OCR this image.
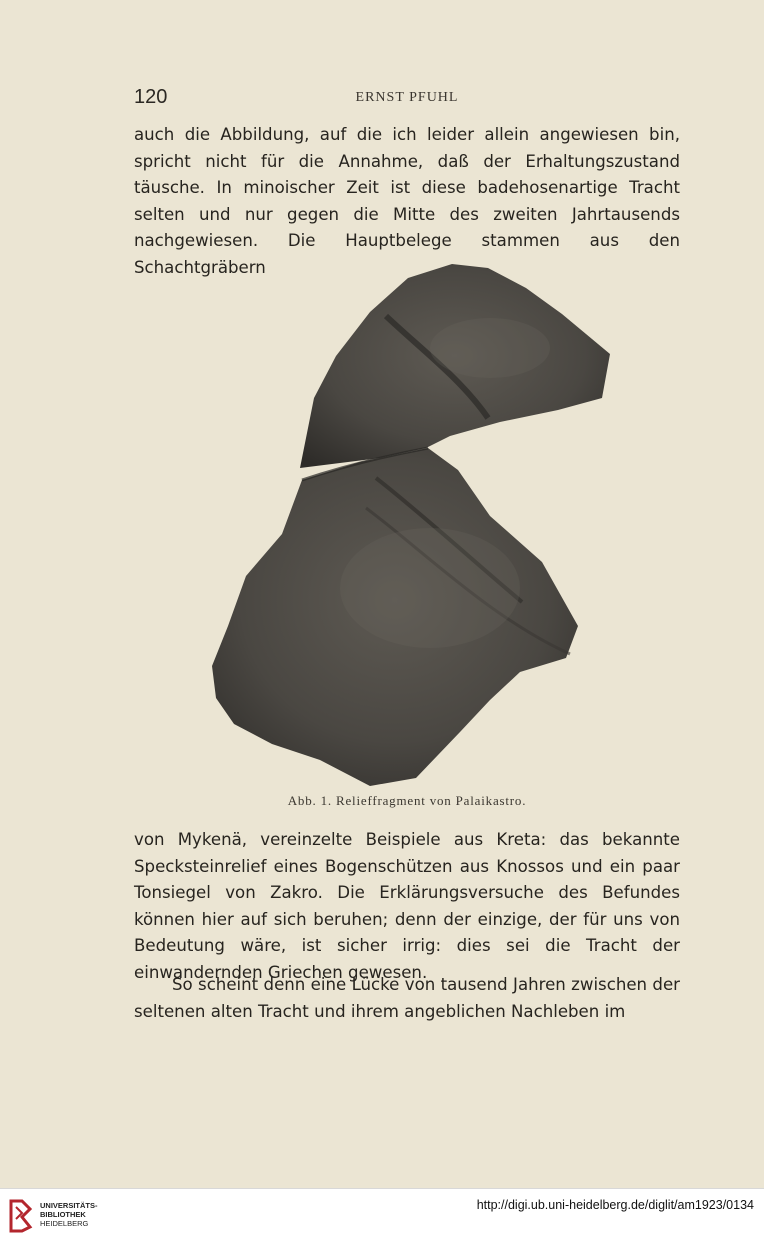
120	ERNST PFUHL

auch die Abbildung, auf die ich leider allein angewiesen bin, spricht nicht für die Annahme, daß der Erhaltungszustand täusche. In minoischer Zeit ist diese badehosenartige Tracht selten und nur gegen die Mitte des zweiten Jahrtausends nachgewiesen. Die Hauptbelege stammen aus den Schachtgräbern

Abb. 1. Relieffragment von Palaikastro.

von Mykenä, vereinzelte Beispiele aus Kreta: das bekannte Specksteinrelief eines Bogenschützen aus Knossos und ein paar Tonsiegel von Zakro. Die Erklärungsversuche des Befundes können hier auf sich beruhen; denn der einzige, der für uns von Bedeutung wäre, ist sicher irrig: dies sei die Tracht der einwandernden Griechen gewesen.

So scheint denn eine Lücke von tausend Jahren zwischen der seltenen alten Tracht und ihrem angeblichen Nachleben im

UNIVERSITÄTS-
BIBLIOTHEK
HEIDELBERG
http://digi.ub.uni-heidelberg.de/diglit/am1923/0134
